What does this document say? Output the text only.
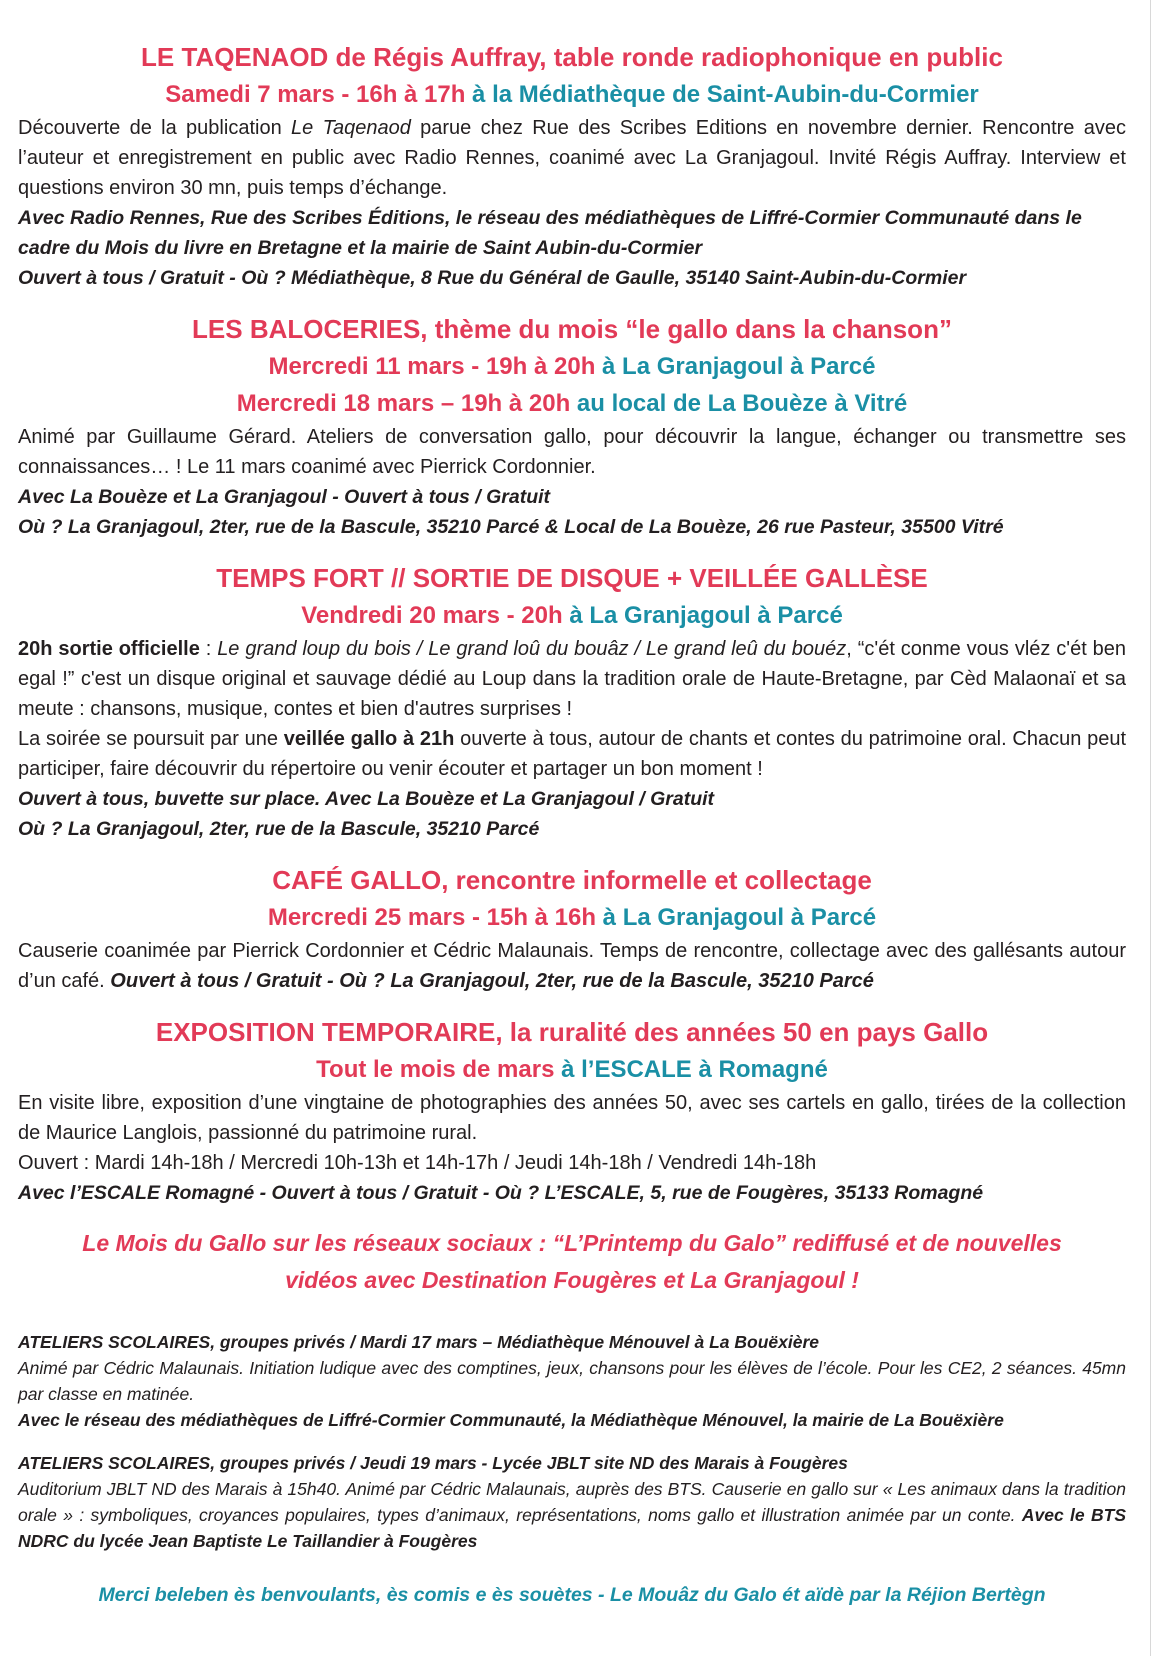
LE TAQENAOD de Régis Auffray, table ronde radiophonique en public

Samedi 7 mars - 16h à 17h à la Médiathèque de Saint-Aubin-du-Cormier

Découverte de la publication Le Taqenaod parue chez Rue des Scribes Editions en novembre dernier. Rencontre avec l’auteur et enregistrement en public avec Radio Rennes, coanimé avec La Granjagoul. Invité Régis Auffray. Interview et questions environ 30 mn, puis temps d’échange.

Avec Radio Rennes, Rue des Scribes Éditions, le réseau des médiathèques de Liffré-Cormier Communauté dans le cadre du Mois du livre en Bretagne et la mairie de Saint Aubin-du-Cormier

Ouvert à tous / Gratuit - Où ? Médiathèque, 8 Rue du Général de Gaulle, 35140 Saint-Aubin-du-Cormier

LES BALOCERIES, thème du mois “le gallo dans la chanson”

Mercredi 11 mars - 19h à 20h à La Granjagoul à Parcé

Mercredi 18 mars – 19h à 20h au local de La Bouèze à Vitré

Animé par Guillaume Gérard. Ateliers de conversation gallo, pour découvrir la langue, échanger ou transmettre ses connaissances… ! Le 11 mars coanimé avec Pierrick Cordonnier.

Avec La Bouèze et La Granjagoul - Ouvert à tous / Gratuit

Où ? La Granjagoul, 2ter, rue de la Bascule, 35210 Parcé & Local de La Bouèze, 26 rue Pasteur, 35500 Vitré

TEMPS FORT // SORTIE DE DISQUE + VEILLÉE GALLÈSE

Vendredi 20 mars - 20h à La Granjagoul à Parcé

20h sortie officielle : Le grand loup du bois / Le grand loû du bouâz / Le grand leû du bouéz, “c'ét conme vous vléz c'ét ben egal !” c'est un disque original et sauvage dédié au Loup dans la tradition orale de Haute-Bretagne, par Cèd Malaonaï et sa meute : chansons, musique, contes et bien d'autres surprises !

La soirée se poursuit par une veillée gallo à 21h ouverte à tous, autour de chants et contes du patrimoine oral. Chacun peut participer, faire découvrir du répertoire ou venir écouter et partager un bon moment !

Ouvert à tous, buvette sur place. Avec La Bouèze et La Granjagoul / Gratuit

Où ? La Granjagoul, 2ter, rue de la Bascule, 35210 Parcé

CAFÉ GALLO, rencontre informelle et collectage

Mercredi 25 mars - 15h à 16h à La Granjagoul à Parcé

Causerie coanimée par Pierrick Cordonnier et Cédric Malaunais. Temps de rencontre, collectage avec des gallésants autour d’un café. Ouvert à tous / Gratuit - Où ? La Granjagoul, 2ter, rue de la Bascule, 35210 Parcé

EXPOSITION TEMPORAIRE, la ruralité des années 50 en pays Gallo

Tout le mois de mars à l’ESCALE à Romagné

En visite libre, exposition d’une vingtaine de photographies des années 50, avec ses cartels en gallo, tirées de la collection de Maurice Langlois, passionné du patrimoine rural.

Ouvert : Mardi 14h-18h / Mercredi 10h-13h et 14h-17h / Jeudi 14h-18h / Vendredi 14h-18h

Avec l’ESCALE Romagné - Ouvert à tous / Gratuit - Où ? L’ESCALE, 5, rue de Fougères, 35133 Romagné

Le Mois du Gallo sur les réseaux sociaux : “L’Printemp du Galo” rediffusé et de nouvelles

vidéos avec Destination Fougères et La Granjagoul !

ATELIERS SCOLAIRES, groupes privés / Mardi 17 mars – Médiathèque Ménouvel à La Bouëxière

Animé par Cédric Malaunais. Initiation ludique avec des comptines, jeux, chansons pour les élèves de l’école. Pour les CE2, 2 séances. 45mn par classe en matinée.

Avec le réseau des médiathèques de Liffré-Cormier Communauté, la Médiathèque Ménouvel, la mairie de La Bouëxière

ATELIERS SCOLAIRES, groupes privés / Jeudi 19 mars - Lycée JBLT site ND des Marais à Fougères

Auditorium JBLT ND des Marais à 15h40. Animé par Cédric Malaunais, auprès des BTS. Causerie en gallo sur « Les animaux dans la tradition orale » : symboliques, croyances populaires, types d’animaux, représentations, noms gallo et illustration animée par un conte. Avec le BTS NDRC du lycée Jean Baptiste Le Taillandier à Fougères

Merci beleben ès benvoulants, ès comis e ès souètes - Le Mouâz du Galo ét aïdè par la Réjion Bertègn
